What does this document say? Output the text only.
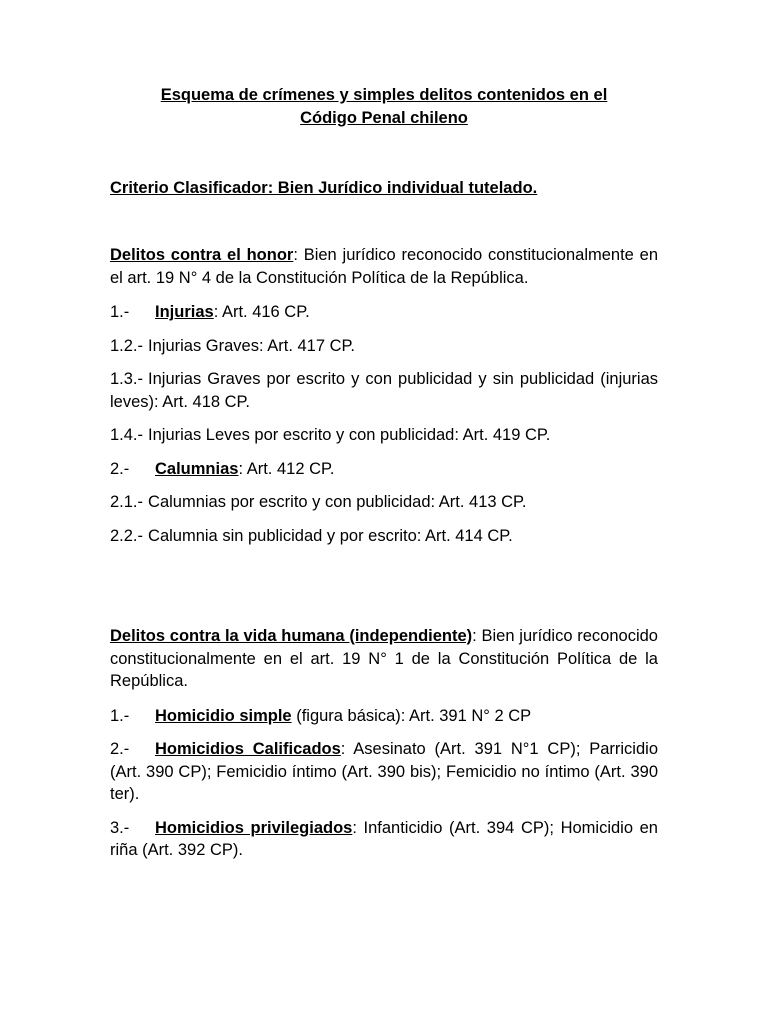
Esquema de crímenes y simples delitos contenidos en el
Código Penal chileno

Criterio Clasificador: Bien Jurídico individual tutelado.

Delitos contra el honor: Bien jurídico reconocido constitucionalmente en el art. 19 N° 4 de la Constitución Política de la República.

1.- Injurias: Art. 416 CP.

1.2.- Injurias Graves: Art. 417 CP.

1.3.- Injurias Graves por escrito y con publicidad y sin publicidad (injurias leves): Art. 418 CP.

1.4.- Injurias Leves por escrito y con publicidad: Art. 419 CP.

2.- Calumnias: Art. 412 CP.

2.1.- Calumnias por escrito y con publicidad: Art. 413 CP.

2.2.- Calumnia sin publicidad y por escrito: Art. 414 CP.

Delitos contra la vida humana (independiente): Bien jurídico reconocido constitucionalmente en el art. 19 N° 1 de la Constitución Política de la República.

1.- Homicidio simple (figura básica): Art. 391 N° 2 CP

2.- Homicidios Calificados: Asesinato (Art. 391 N°1 CP); Parricidio (Art. 390 CP); Femicidio íntimo (Art. 390 bis); Femicidio no íntimo (Art. 390 ter).

3.- Homicidios privilegiados: Infanticidio (Art. 394 CP); Homicidio en riña (Art. 392 CP).
